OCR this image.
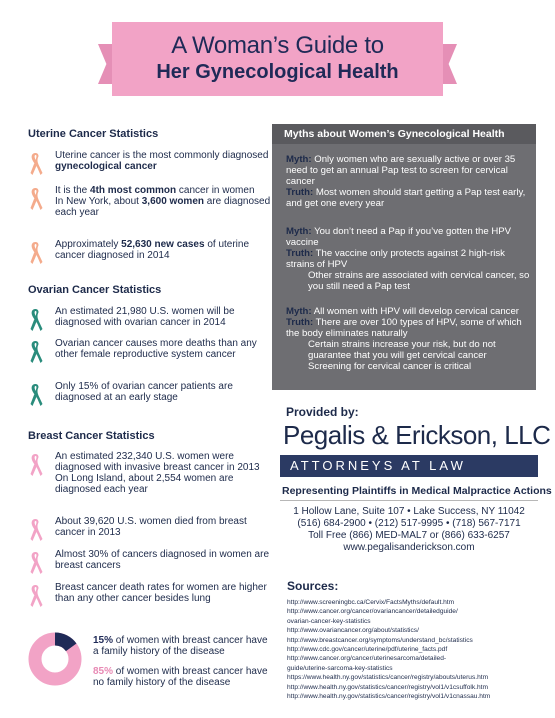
A Woman’s Guide to
Her Gynecological Health
Uterine Cancer Statistics
Uterine cancer is the most commonly diagnosed gynecological cancer
It is the 4th most common cancer in women
In New York, about 3,600 women are diagnosed each year
Approximately 52,630 new cases of uterine cancer diagnosed in 2014
Ovarian Cancer Statistics
An estimated 21,980 U.S. women will be diagnosed with ovarian cancer in 2014
Ovarian cancer causes more deaths than any other female reproductive system cancer
Only 15% of ovarian cancer patients are diagnosed at an early stage
Breast Cancer Statistics
An estimated 232,340 U.S. women were diagnosed with invasive breast cancer in 2013
On Long Island, about 2,554 women are diagnosed each year
About 39,620 U.S. women died from breast cancer in 2013
Almost 30% of cancers diagnosed in women are breast cancers
Breast cancer death rates for women are higher than any other cancer besides lung
15% of women with breast cancer have a family history of the disease
85% of women with breast cancer have no family history of the disease
Myths about Women’s Gynecological Health
Myth: Only women who are sexually active or over 35 need to get an annual Pap test to screen for cervical cancer
Truth: Most women should start getting a Pap test early, and get one every year
Myth: You don’t need a Pap if you’ve gotten the HPV vaccine
Truth: The vaccine only protects against 2 high-risk strains of HPV
Other strains are associated with cervical cancer, so you still need a Pap test
Myth: All women with HPV will develop cervical cancer
Truth: There are over 100 types of HPV, some of which the body eliminates naturally
Certain strains increase your risk, but do not guarantee that you will get cervical cancer
Screening for cervical cancer is critical
Provided by:
Pegalis & Erickson, LLC
ATTORNEYS AT LAW
Representing Plaintiffs in Medical Malpractice Actions
1 Hollow Lane, Suite 107 • Lake Success, NY 11042
(516) 684-2900 • (212) 517-9995 • (718) 567-7171
Toll Free (866) MED-MAL7 or (866) 633-6257
www.pegalisanderickson.com
Sources:
http://www.screeningbc.ca/Cervix/FactsMyths/default.htm
http://www.cancer.org/cancer/ovariancancer/detailedguide/
ovarian-cancer-key-statistics
http://www.ovariancancer.org/about/statistics/
http://www.breastcancer.org/symptoms/understand_bc/statistics
http://www.cdc.gov/cancer/uterine/pdf/uterine_facts.pdf
http://www.cancer.org/cancer/uterinesarcoma/detailed-
guide/uterine-sarcoma-key-statistics
https://www.health.ny.gov/statistics/cancer/registry/abouts/uterus.htm
http://www.health.ny.gov/statistics/cancer/registry/vol1/v1csuffolk.htm
http://www.health.ny.gov/statistics/cancer/registry/vol1/v1cnassau.htm
